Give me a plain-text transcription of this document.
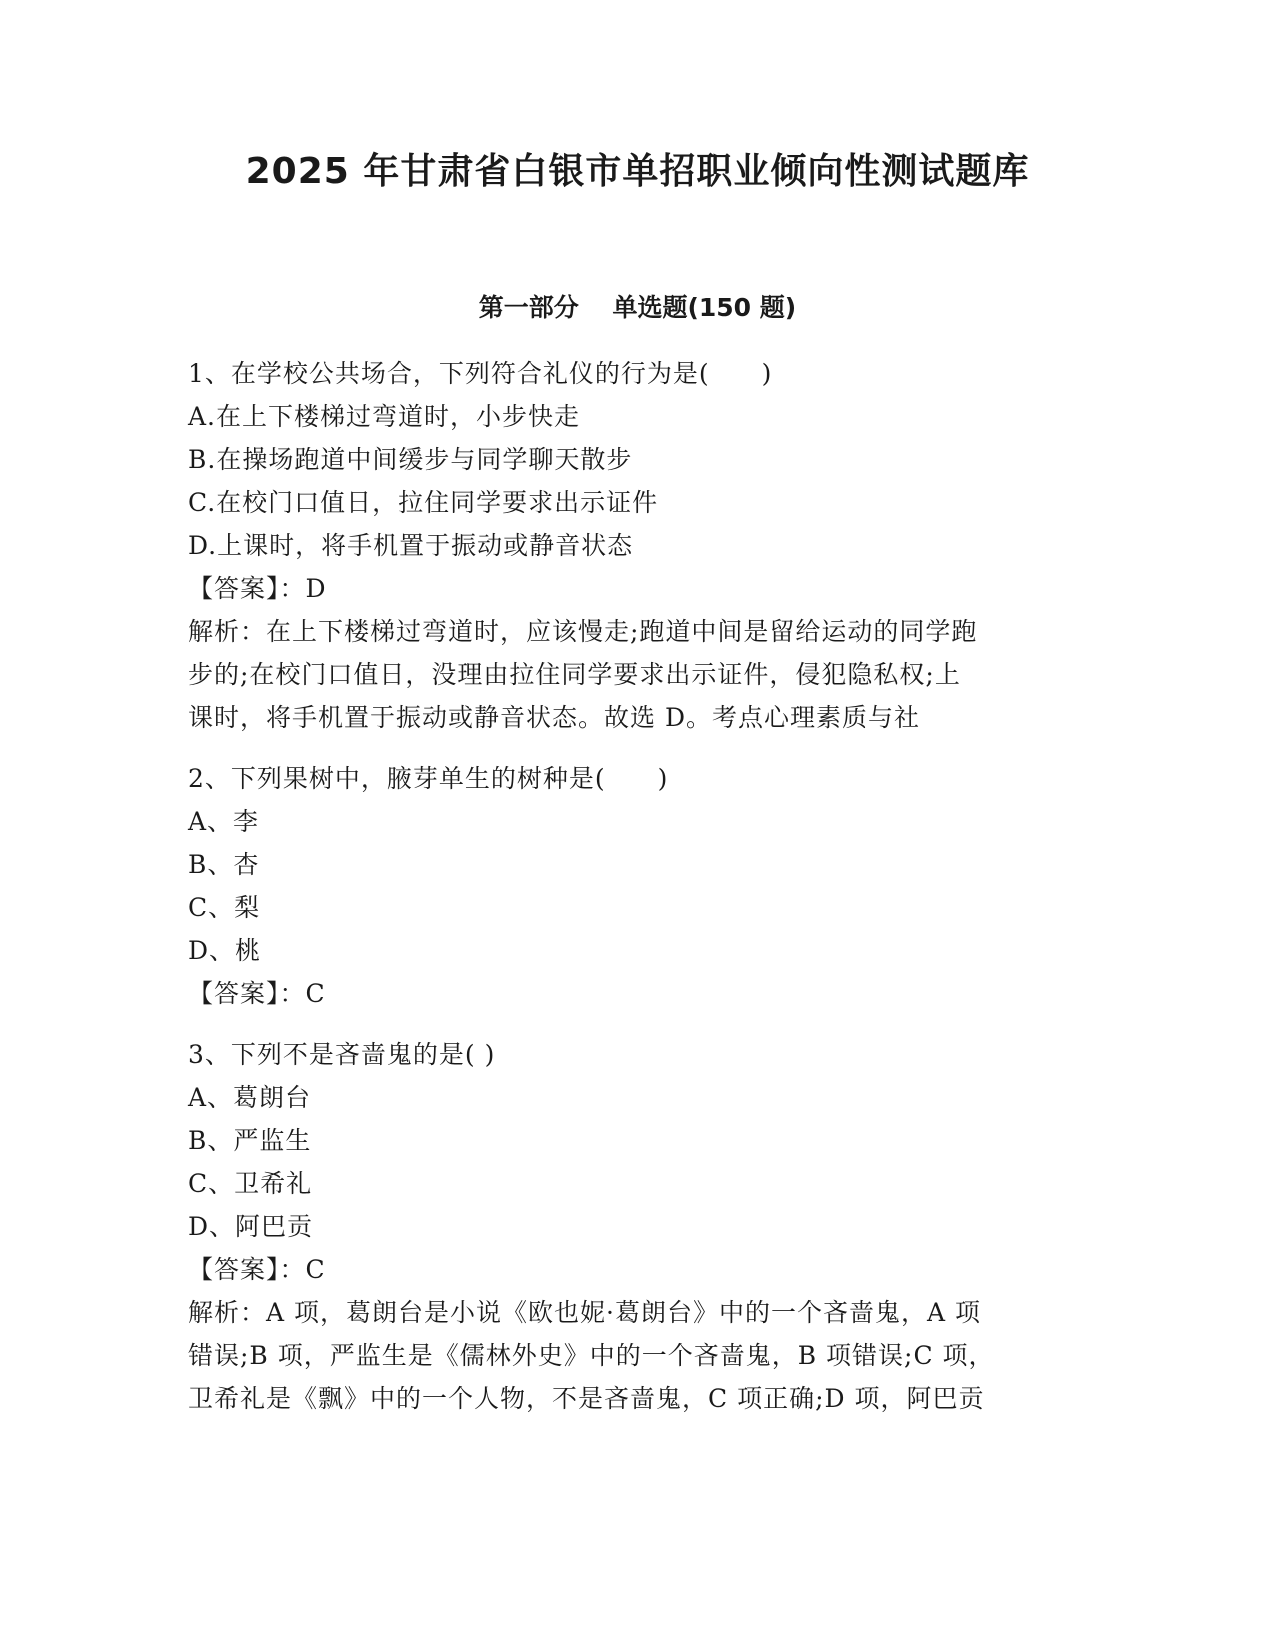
2025 年甘肃省白银市单招职业倾向性测试题库
第一部分　 单选题(150 题)
1、在学校公共场合，下列符合礼仪的行为是(　　)
A.在上下楼梯过弯道时，小步快走
B.在操场跑道中间缓步与同学聊天散步
C.在校门口值日，拉住同学要求出示证件
D.上课时，将手机置于振动或静音状态
【答案】：D
解析：在上下楼梯过弯道时，应该慢走;跑道中间是留给运动的同学跑
步的;在校门口值日，没理由拉住同学要求出示证件，侵犯隐私权;上
课时，将手机置于振动或静音状态。故选 D。考点心理素质与社
2、下列果树中，腋芽单生的树种是(　　)
A、李
B、杏
C、梨
D、桃
【答案】：C
3、下列不是吝啬鬼的是( )
A、葛朗台
B、严监生
C、卫希礼
D、阿巴贡
【答案】：C
解析：A 项，葛朗台是小说《欧也妮·葛朗台》中的一个吝啬鬼，A 项
错误;B 项，严监生是《儒林外史》中的一个吝啬鬼，B 项错误;C 项，
卫希礼是《飘》中的一个人物，不是吝啬鬼，C 项正确;D 项，阿巴贡
